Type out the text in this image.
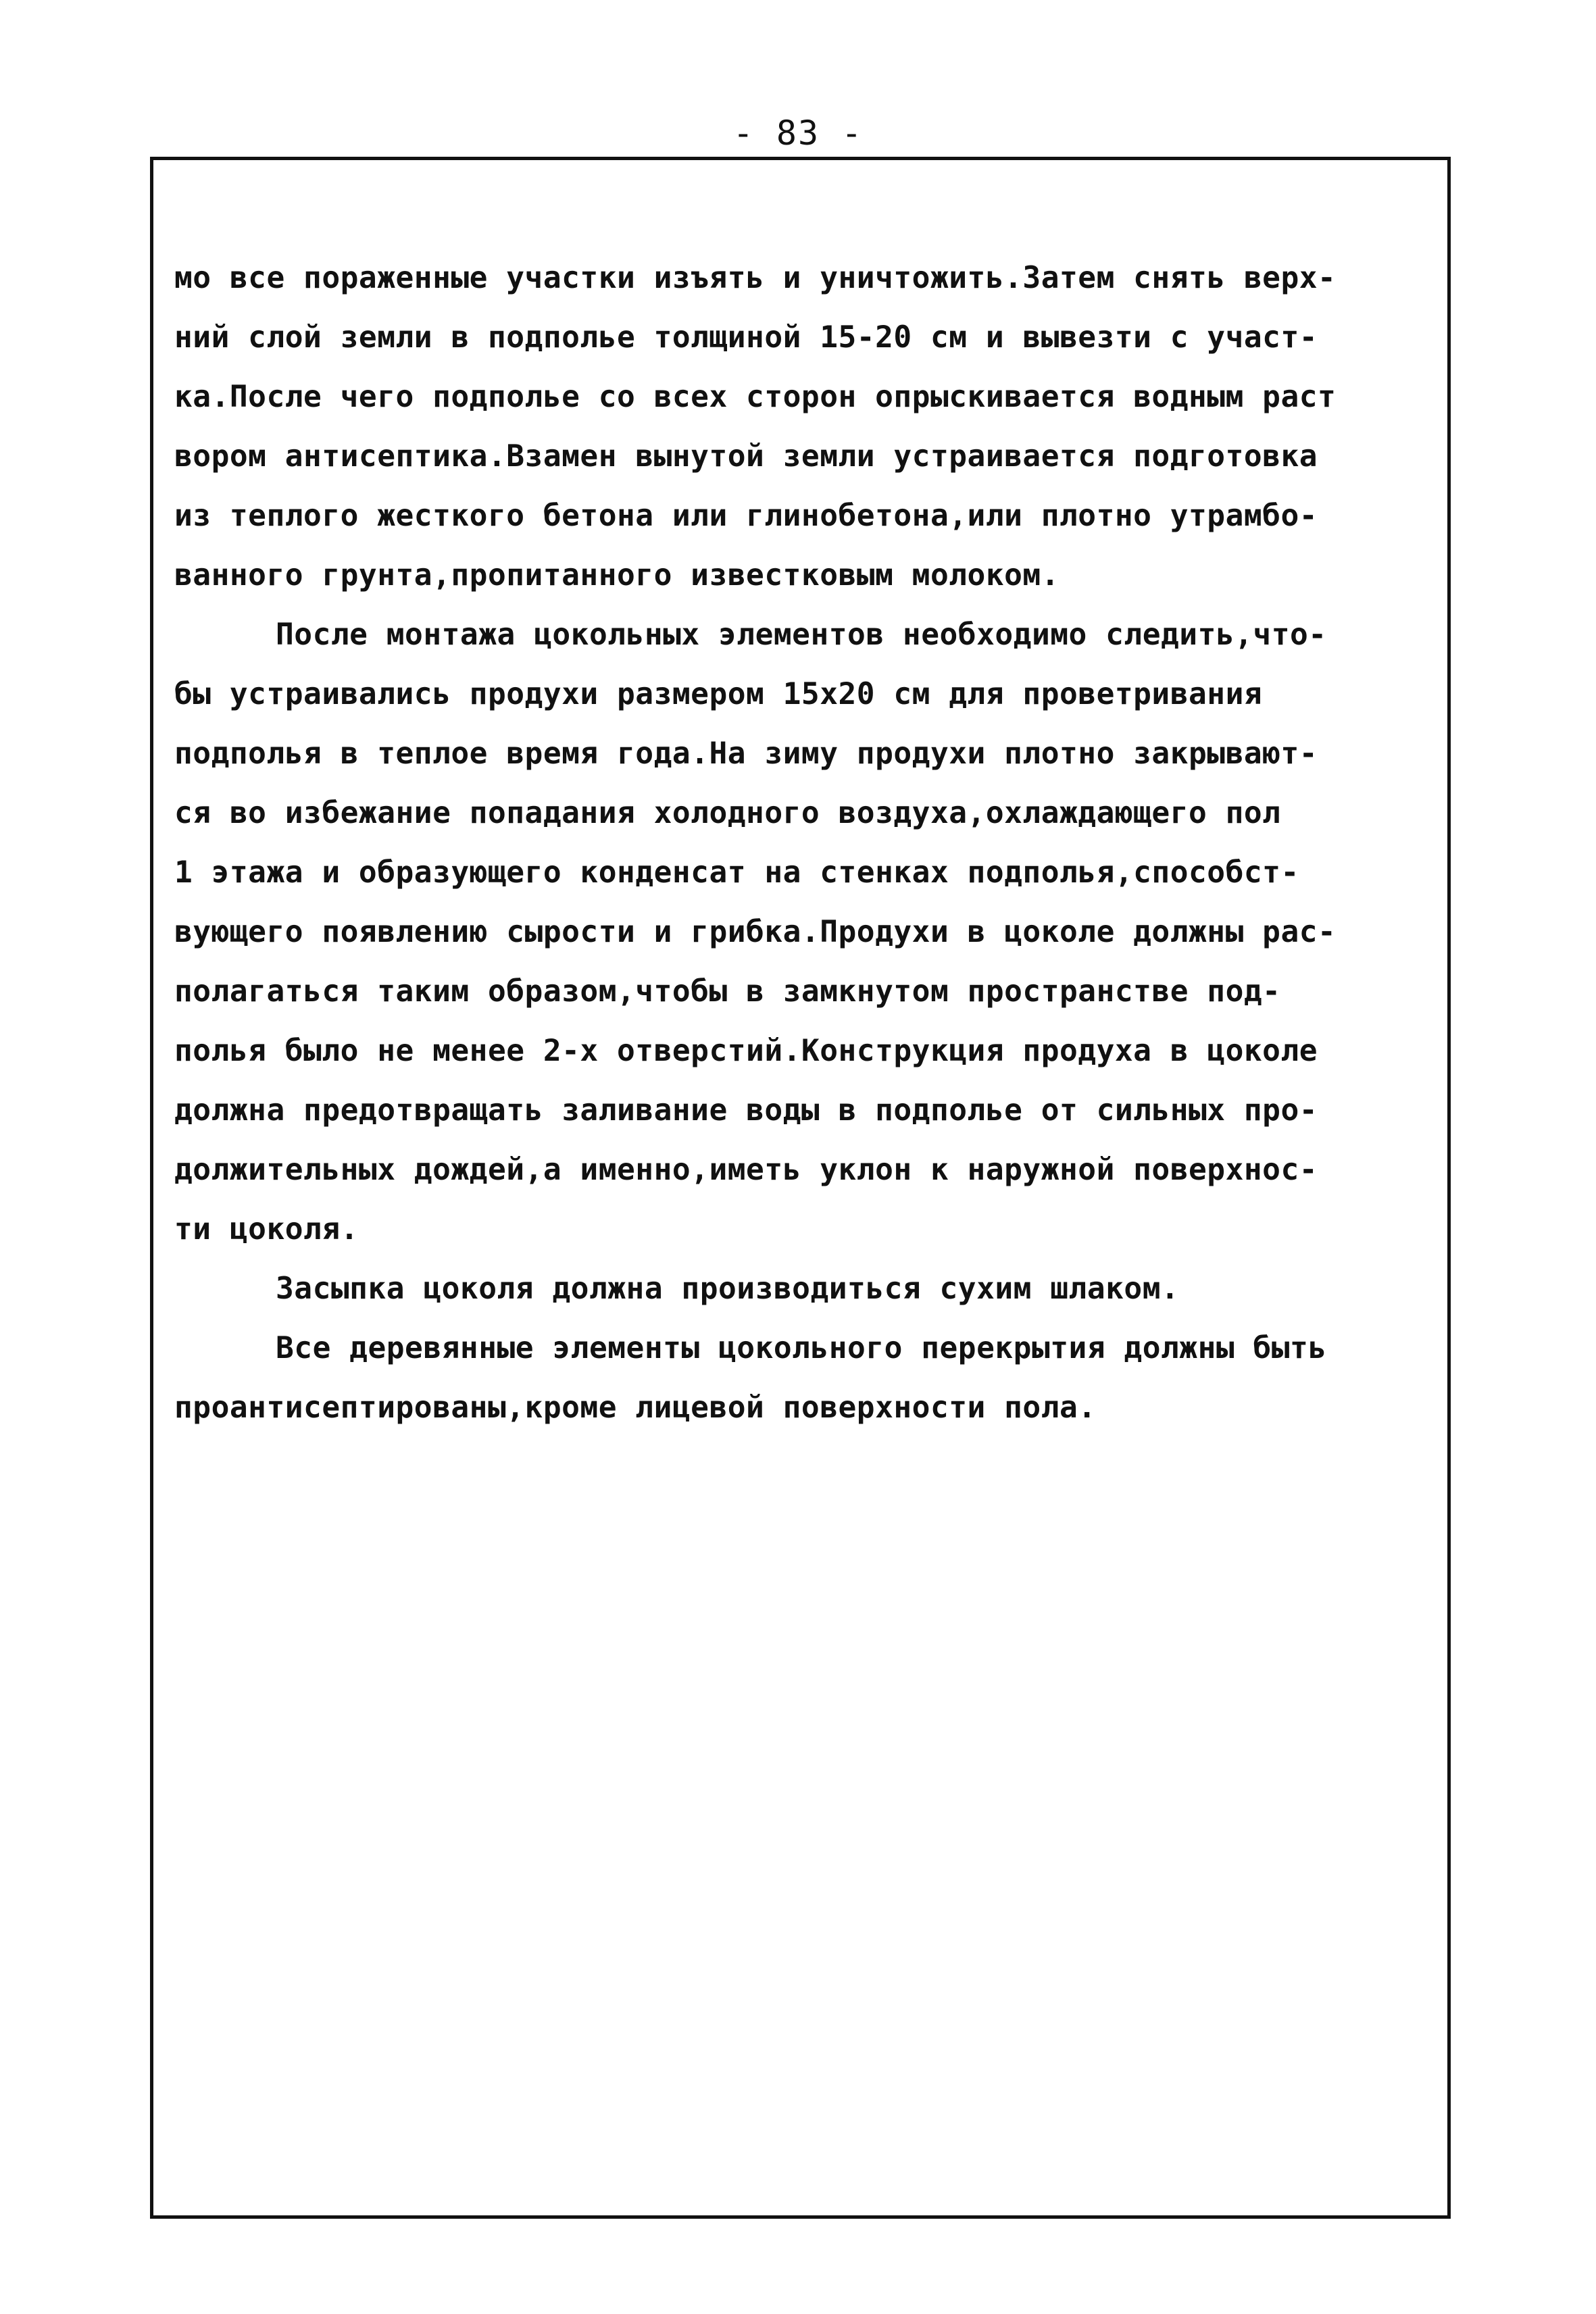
- 83 -
мо все пораженные участки изъять и уничтожить.Затем снять верх-
ний слой земли в подполье толщиной 15-20 см и вывезти с участ-
ка.После чего подполье со всех сторон опрыскивается водным раст
вором антисептика.Взамен вынутой земли устраивается подготовка
из теплого жесткого бетона или глинобетона,или плотно утрамбо-
ванного грунта,пропитанного известковым молоком.
После монтажа цокольных элементов необходимо следить,что-
бы устраивались продухи размером 15х20 см для проветривания
подполья в теплое время года.На зиму продухи плотно закрывают-
ся во избежание попадания холодного воздуха,охлаждающего пол
1 этажа и образующего конденсат на стенках подполья,способст-
вующего появлению сырости и грибка.Продухи в цоколе должны рас-
полагаться таким образом,чтобы в замкнутом пространстве под-
полья было не менее 2-х отверстий.Конструкция продуха в цоколе
должна предотвращать заливание воды в подполье от сильных про-
должительных дождей,а именно,иметь уклон к наружной поверхнос-
ти цоколя.
Засыпка цоколя должна производиться сухим шлаком.
Все деревянные элементы цокольного перекрытия должны быть
проантисептированы,кроме лицевой поверхности пола.
